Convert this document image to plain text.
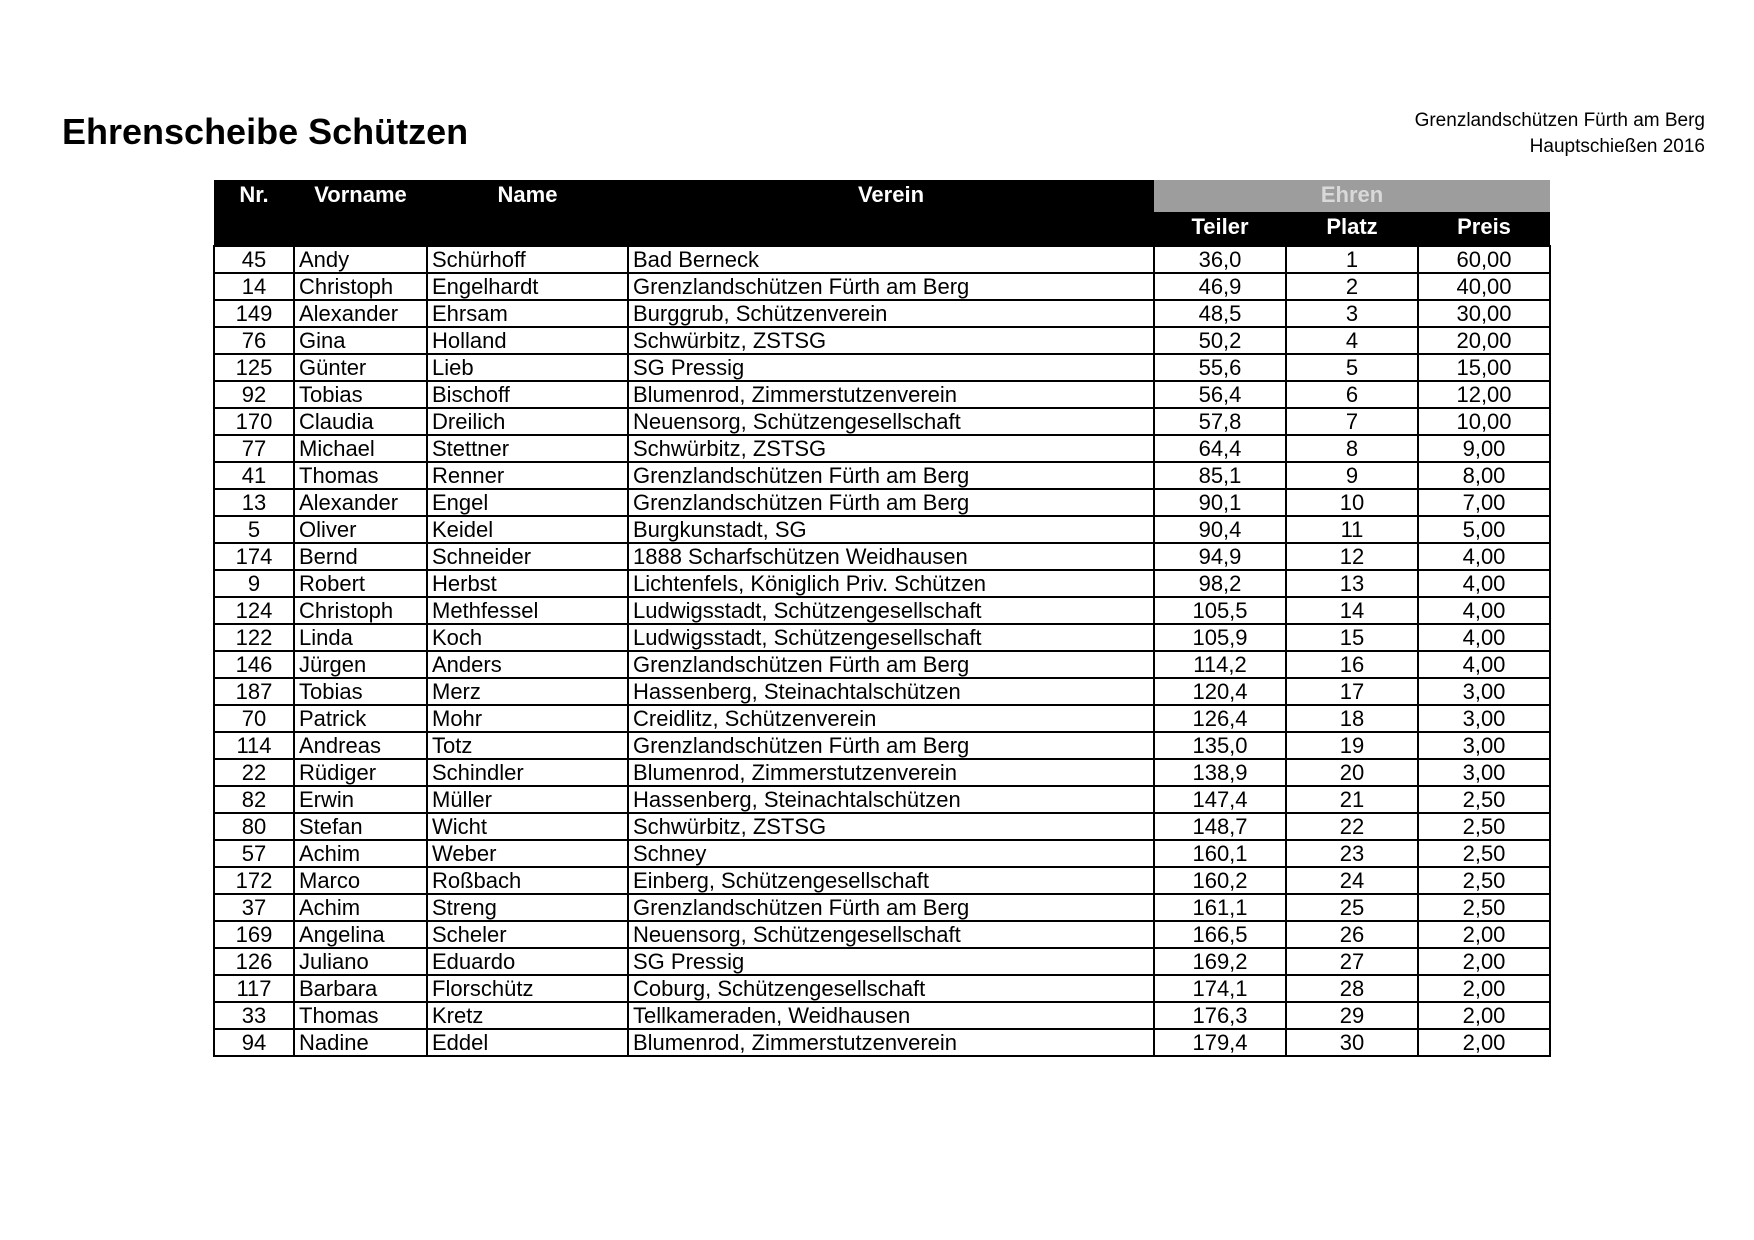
Ehrenscheibe Schützen	Grenzlandschützen Fürth am Berg
Hauptschießen 2016
Nr.	Vorname	Name	Verein	Ehren		
				Teiler	Platz	Preis
45	Andy	Schürhoff	Bad Berneck	36,0	1	60,00
14	Christoph	Engelhardt	Grenzlandschützen Fürth am Berg	46,9	2	40,00
149	Alexander	Ehrsam	Burggrub, Schützenverein	48,5	3	30,00
76	Gina	Holland	Schwürbitz, ZSTSG	50,2	4	20,00
125	Günter	Lieb	SG Pressig	55,6	5	15,00
92	Tobias	Bischoff	Blumenrod, Zimmerstutzenverein	56,4	6	12,00
170	Claudia	Dreilich	Neuensorg, Schützengesellschaft	57,8	7	10,00
77	Michael	Stettner	Schwürbitz, ZSTSG	64,4	8	9,00
41	Thomas	Renner	Grenzlandschützen Fürth am Berg	85,1	9	8,00
13	Alexander	Engel	Grenzlandschützen Fürth am Berg	90,1	10	7,00
5	Oliver	Keidel	Burgkunstadt, SG	90,4	11	5,00
174	Bernd	Schneider	1888 Scharfschützen Weidhausen	94,9	12	4,00
9	Robert	Herbst	Lichtenfels, Königlich Priv. Schützen	98,2	13	4,00
124	Christoph	Methfessel	Ludwigsstadt, Schützengesellschaft	105,5	14	4,00
122	Linda	Koch	Ludwigsstadt, Schützengesellschaft	105,9	15	4,00
146	Jürgen	Anders	Grenzlandschützen Fürth am Berg	114,2	16	4,00
187	Tobias	Merz	Hassenberg, Steinachtalschützen	120,4	17	3,00
70	Patrick	Mohr	Creidlitz, Schützenverein	126,4	18	3,00
114	Andreas	Totz	Grenzlandschützen Fürth am Berg	135,0	19	3,00
22	Rüdiger	Schindler	Blumenrod, Zimmerstutzenverein	138,9	20	3,00
82	Erwin	Müller	Hassenberg, Steinachtalschützen	147,4	21	2,50
80	Stefan	Wicht	Schwürbitz, ZSTSG	148,7	22	2,50
57	Achim	Weber	Schney	160,1	23	2,50
172	Marco	Roßbach	Einberg, Schützengesellschaft	160,2	24	2,50
37	Achim	Streng	Grenzlandschützen Fürth am Berg	161,1	25	2,50
169	Angelina	Scheler	Neuensorg, Schützengesellschaft	166,5	26	2,00
126	Juliano	Eduardo	SG Pressig	169,2	27	2,00
117	Barbara	Florschütz	Coburg, Schützengesellschaft	174,1	28	2,00
33	Thomas	Kretz	Tellkameraden, Weidhausen	176,3	29	2,00
94	Nadine	Eddel	Blumenrod, Zimmerstutzenverein	179,4	30	2,00
